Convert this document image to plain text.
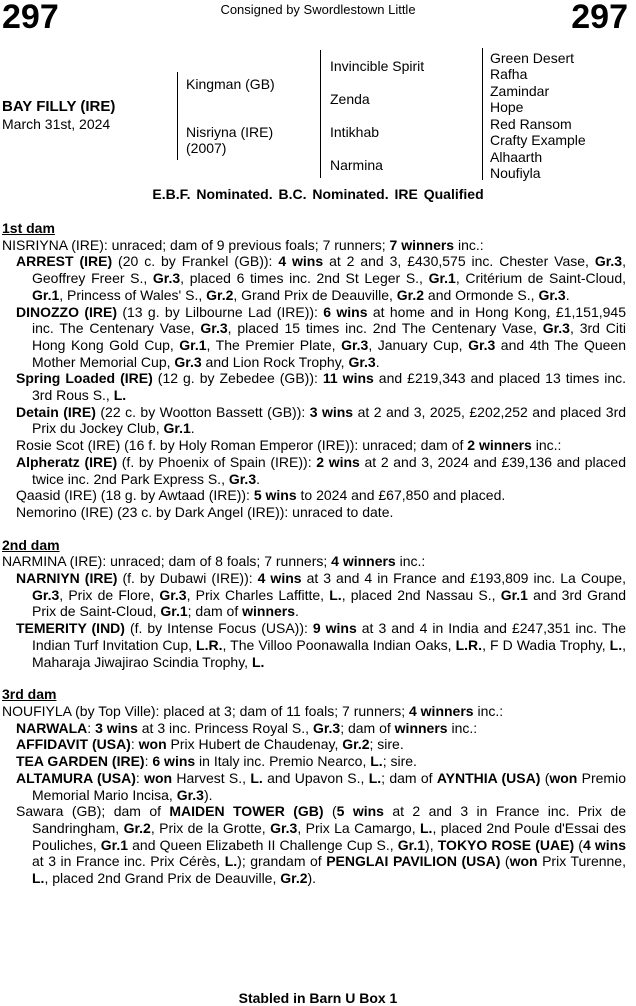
297	Consigned by Swordlestown Little	297
BAY FILLY (IRE)
March 31st, 2024
Kingman (GB)
Nisriyna (IRE)
(2007)
Invincible Spirit
Zenda
Intikhab
Narmina
Green Desert
Rafha
Zamindar
Hope
Red Ransom
Crafty Example
Alhaarth
Noufiyla
E.B.F. Nominated. B.C. Nominated. IRE Qualified
1st dam
NISRIYNA (IRE): unraced; dam of 9 previous foals; 7 runners; 7 winners inc.:
ARREST (IRE) (20 c. by Frankel (GB)): 4 wins at 2 and 3, £430,575 inc. Chester Vase, Gr.3, Geoffrey Freer S., Gr.3, placed 6 times inc. 2nd St Leger S., Gr.1, Critérium de Saint-Cloud, Gr.1, Princess of Wales' S., Gr.2, Grand Prix de Deauville, Gr.2 and Ormonde S., Gr.3.
DINOZZO (IRE) (13 g. by Lilbourne Lad (IRE)): 6 wins at home and in Hong Kong, £1,151,945 inc. The Centenary Vase, Gr.3, placed 15 times inc. 2nd The Centenary Vase, Gr.3, 3rd Citi Hong Kong Gold Cup, Gr.1, The Premier Plate, Gr.3, January Cup, Gr.3 and 4th The Queen Mother Memorial Cup, Gr.3 and Lion Rock Trophy, Gr.3.
Spring Loaded (IRE) (12 g. by Zebedee (GB)): 11 wins and £219,343 and placed 13 times inc. 3rd Rous S., L.
Detain (IRE) (22 c. by Wootton Bassett (GB)): 3 wins at 2 and 3, 2025, £202,252 and placed 3rd Prix du Jockey Club, Gr.1.
Rosie Scot (IRE) (16 f. by Holy Roman Emperor (IRE)): unraced; dam of 2 winners inc.:
Alpheratz (IRE) (f. by Phoenix of Spain (IRE)): 2 wins at 2 and 3, 2024 and £39,136 and placed twice inc. 2nd Park Express S., Gr.3.
Qaasid (IRE) (18 g. by Awtaad (IRE)): 5 wins to 2024 and £67,850 and placed.
Nemorino (IRE) (23 c. by Dark Angel (IRE)): unraced to date.
2nd dam
NARMINA (IRE): unraced; dam of 8 foals; 7 runners; 4 winners inc.:
NARNIYN (IRE) (f. by Dubawi (IRE)): 4 wins at 3 and 4 in France and £193,809 inc. La Coupe, Gr.3, Prix de Flore, Gr.3, Prix Charles Laffitte, L., placed 2nd Nassau S., Gr.1 and 3rd Grand Prix de Saint-Cloud, Gr.1; dam of winners.
TEMERITY (IND) (f. by Intense Focus (USA)): 9 wins at 3 and 4 in India and £247,351 inc. The Indian Turf Invitation Cup, L.R., The Villoo Poonawalla Indian Oaks, L.R., F D Wadia Trophy, L., Maharaja Jiwajirao Scindia Trophy, L.
3rd dam
NOUFIYLA (by Top Ville): placed at 3; dam of 11 foals; 7 runners; 4 winners inc.:
NARWALA: 3 wins at 3 inc. Princess Royal S., Gr.3; dam of winners inc.:
AFFIDAVIT (USA): won Prix Hubert de Chaudenay, Gr.2; sire.
TEA GARDEN (IRE): 6 wins in Italy inc. Premio Nearco, L.; sire.
ALTAMURA (USA): won Harvest S., L. and Upavon S., L.; dam of AYNTHIA (USA) (won Premio Memorial Mario Incisa, Gr.3).
Sawara (GB); dam of MAIDEN TOWER (GB) (5 wins at 2 and 3 in France inc. Prix de Sandringham, Gr.2, Prix de la Grotte, Gr.3, Prix La Camargo, L., placed 2nd Poule d'Essai des Pouliches, Gr.1 and Queen Elizabeth II Challenge Cup S., Gr.1), TOKYO ROSE (UAE) (4 wins at 3 in France inc. Prix Cérès, L.); grandam of PENGLAI PAVILION (USA) (won Prix Turenne, L., placed 2nd Grand Prix de Deauville, Gr.2).
Stabled in Barn U Box 1
